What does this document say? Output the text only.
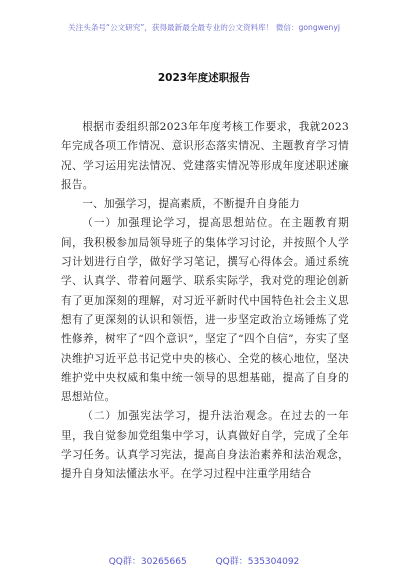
关注头条号“公文研究”，获得最新最全最专业的公文资料库！ 微信：gongwenyj
2023年度述职报告

根据市委组织部2023年年度考核工作要求，我就2023年完成各项工作情况、意识形态落实情况、主题教育学习情况、学习运用宪法情况、党建落实情况等形成年度述职述廉报告。

一、加强学习，提高素质，不断提升自身能力

（一）加强理论学习，提高思想站位。在主题教育期间，我积极参加局领导班子的集体学习讨论，并按照个人学习计划进行自学，做好学习笔记，撰写心得体会。通过系统学、认真学、带着问题学、联系实际学，我对党的理论创新有了更加深刻的理解，对习近平新时代中国特色社会主义思想有了更深刻的认识和领悟，进一步坚定政治立场锤炼了党性修养，树牢了“四个意识”，坚定了“四个自信”，夯实了坚决维护习近平总书记党中央的核心、全党的核心地位，坚决维护党中央权威和集中统一领导的思想基础，提高了自身的思想站位。

（二）加强宪法学习，提升法治观念。在过去的一年里，我自觉参加党组集中学习，认真做好自学，完成了全年学习任务。认真学习宪法，提高自身法治素养和法治观念，提升自身知法懂法水平。在学习过程中注重学用结合

QQ群：30265665	QQ群：535304092
